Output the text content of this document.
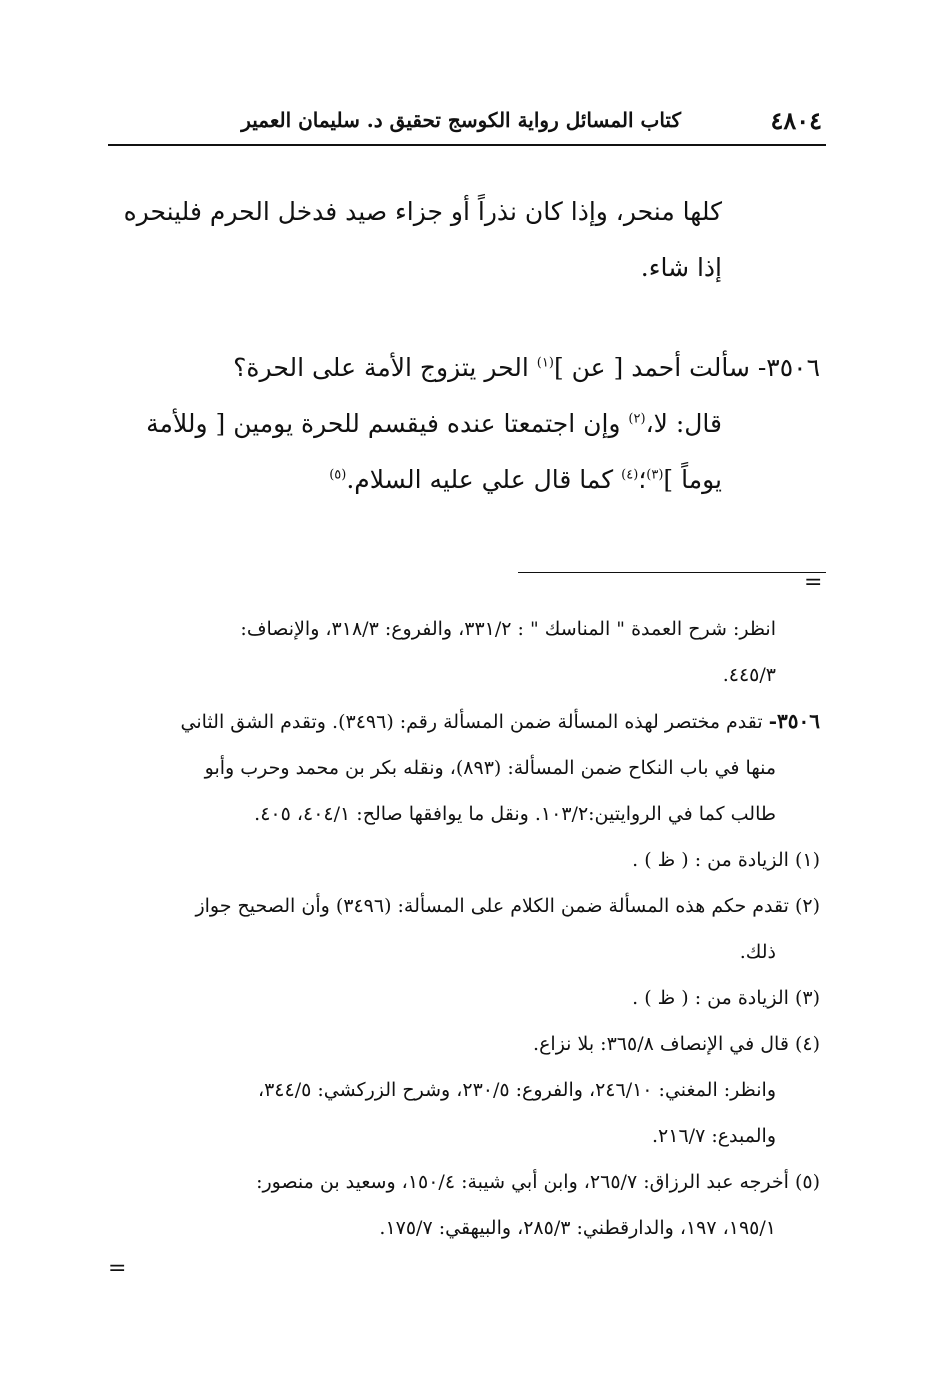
٤٨٠٤
كتاب المسائل رواية الكوسج تحقيق د. سليمان العمير

كلها منحر، وإذا كان نذراً أو جزاء صيد فدخل الحرم فلينحره

إذا شاء.

٣٥٠٦- سألت أحمد [ عن ]$^{(١)}$ الحر يتزوج الأمة على الحرة؟

قال: لا،$^{(٢)}$ وإن اجتمعتا عنده فيقسم للحرة يومين [ وللأمة

يوماً ]$^{(٣)}$؛$^{(٤)}$ كما قال علي عليه السلام.$^{(٥)}$

=

انظر: شرح العمدة " المناسك " : ٣٣١/٢، والفروع: ٣١٨/٣، والإنصاف:

٤٤٥/٣.

٣٥٠٦- تقدم مختصر لهذه المسألة ضمن المسألة رقم: (٣٤٩٦). وتقدم الشق الثاني

منها في باب النكاح ضمن المسألة: (٨٩٣)، ونقله بكر بن محمد وحرب وأبو

طالب كما في الروايتين:١٠٣/٢. ونقل ما يوافقها صالح: ٤٠٤/١، ٤٠٥.

(١) الزيادة من : ( ظ ) .

(٢) تقدم حكم هذه المسألة ضمن الكلام على المسألة: (٣٤٩٦) وأن الصحيح جواز

ذلك.

(٣) الزيادة من : ( ظ ) .

(٤) قال في الإنصاف ٣٦٥/٨: بلا نزاع.

وانظر: المغني: ٢٤٦/١٠، والفروع: ٢٣٠/٥، وشرح الزركشي: ٣٤٤/٥،

والمبدع: ٢١٦/٧.

(٥) أخرجه عبد الرزاق: ٢٦٥/٧، وابن أبي شيبة: ١٥٠/٤، وسعيد بن منصور:

١٩٥/١، ١٩٧، والدارقطني: ٢٨٥/٣، والبيهقي: ١٧٥/٧.

=
